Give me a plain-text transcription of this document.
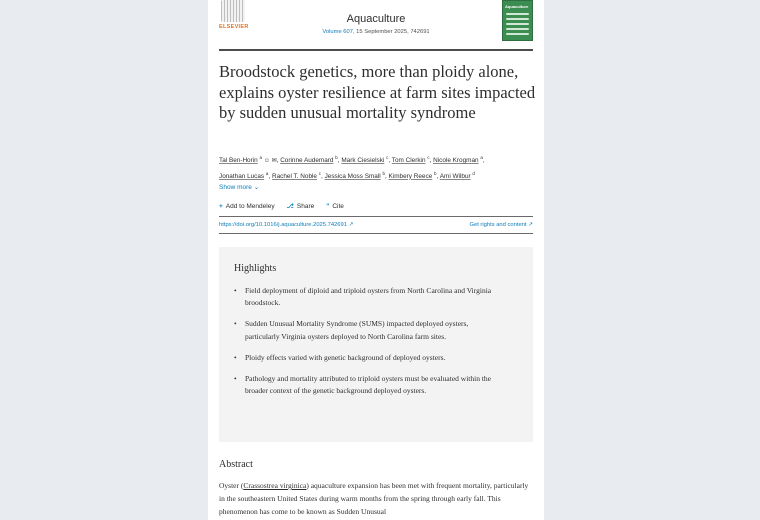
ELSEVIER
Aquaculture
Volume 607, 15 September 2025, 742691
Aquaculture
Broodstock genetics, more than ploidy alone, explains oyster resilience at farm sites impacted by sudden unusual mortality syndrome
Tal Ben-Horin $^a$ ☺ ✉, Corinne Audemard $^b$, Mark Ciesielski $^c$, Tom Clerkin $^c$, Nicole Krogman $^a$,
Jonathan Lucas $^a$, Rachel T. Noble $^c$, Jessica Moss Small $^b$, Kimbery Reece $^b$, Ami Wilbur $^d$
Show more ⌄
+ Add to Mendeley ⎇ Share ” Cite
https://doi.org/10.1016/j.aquaculture.2025.742691 ↗	Get rights and content ↗
Highlights
• Field deployment of diploid and triploid oysters from North Carolina and Virginia broodstock.
• Sudden Unusual Mortality Syndrome (SUMS) impacted deployed oysters, particularly Virginia oysters deployed to North Carolina farm sites.
• Ploidy effects varied with genetic background of deployed oysters.
• Pathology and mortality attributed to triploid oysters must be evaluated within the broader context of the genetic background deployed oysters.
Abstract
Oyster (Crassostrea virginica) aquaculture expansion has been met with frequent mortality, particularly in the southeastern United States during warm months from the spring through early fall. This phenomenon has come to be known as Sudden Unusual
